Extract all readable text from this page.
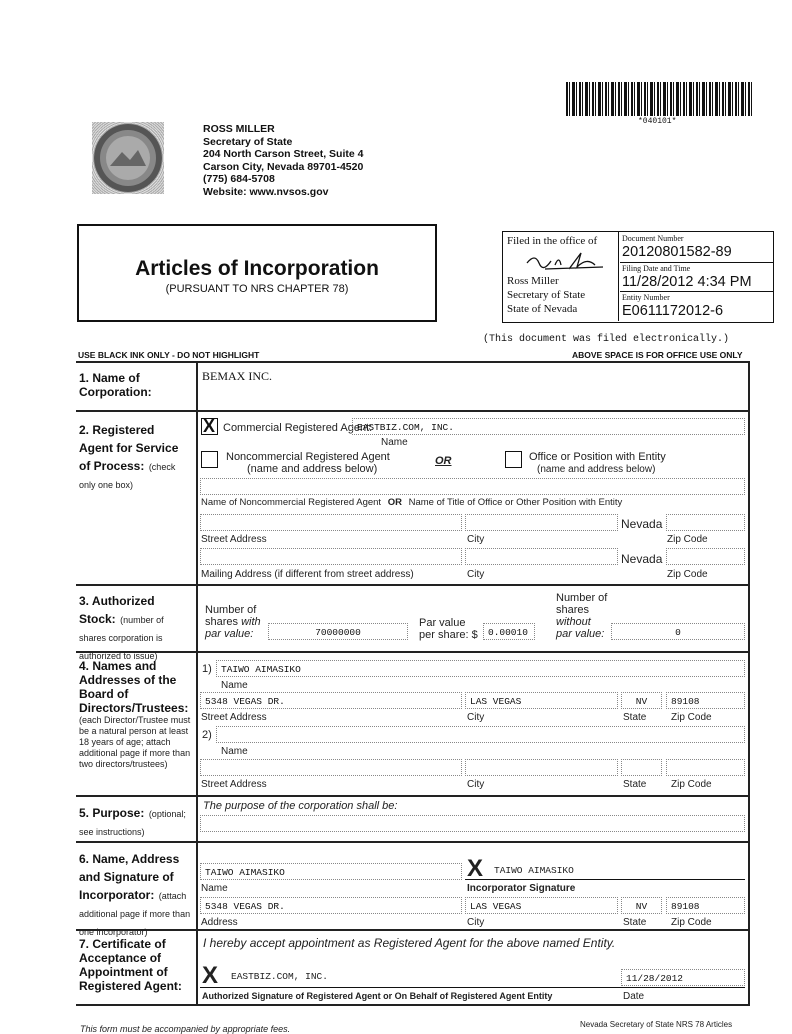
*040101*
ROSS MILLER
Secretary of State
204 North Carson Street, Suite 4
Carson City, Nevada 89701-4520
(775) 684-5708
Website: www.nvsos.gov
Articles of Incorporation
(PURSUANT TO NRS CHAPTER 78)
Filed in the office of
Ross Miller
Secretary of State
State of Nevada
Document Number
20120801582-89
Filing Date and Time
11/28/2012 4:34 PM
Entity Number
E0611172012-6
(This document was filed electronically.)
USE BLACK INK ONLY - DO NOT HIGHLIGHT	ABOVE SPACE IS FOR OFFICE USE ONLY
1. Name of Corporation:
BEMAX INC.
2. Registered Agent for Service of Process: (check only one box)
X Commercial Registered Agent:
EASTBIZ.COM, INC.
Name
Noncommercial Registered Agent
(name and address below)
OR	Office or Position with Entity
(name and address below)
Name of Noncommercial Registered Agent OR Name of Title of Office or Other Position with Entity
Nevada
Street Address	City	Zip Code
Nevada
Mailing Address (if different from street address)	City	Zip Code
3. Authorized Stock: (number of shares corporation is authorized to issue)
Number of
shares with
par value:	70000000
Par value
per share: $	0.00010
Number of
shares
without
par value:	0
4. Names and Addresses of the Board of Directors/Trustees:
(each Director/Trustee must be a natural person at least 18 years of age; attach additional page if more than two directors/trustees)
1) TAIWO AIMASIKO
Name
5348 VEGAS DR.	LAS VEGAS	NV	89108
Street Address	City	State Zip Code
2)
Name
Street Address	City	State Zip Code
5. Purpose: (optional; see instructions)
The purpose of the corporation shall be:
6. Name, Address and Signature of Incorporator: (attach additional page if more than one incorporator)
TAIWO AIMASIKO	X TAIWO AIMASIKO
Name	Incorporator Signature
5348 VEGAS DR.	LAS VEGAS	NV	89108
Address	City	State Zip Code
7. Certificate of Acceptance of Appointment of Registered Agent:
I hereby accept appointment as Registered Agent for the above named Entity.
X EASTBIZ.COM, INC.	11/28/2012
Authorized Signature of Registered Agent or On Behalf of Registered Agent Entity	Date
This form must be accompanied by appropriate fees.	Nevada Secretary of State NRS 78 Articles
